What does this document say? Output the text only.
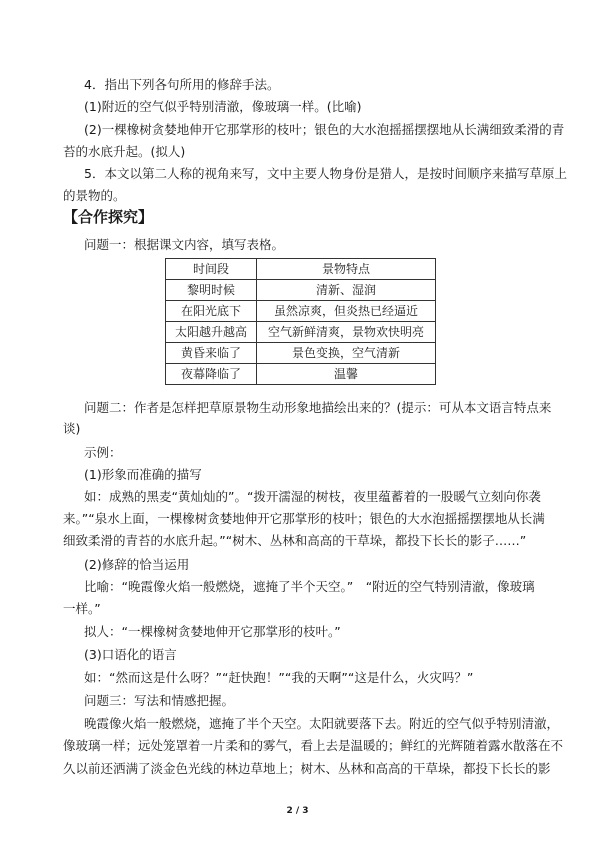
4．指出下列各句所用的修辞手法。
(1)附近的空气似乎特别清澈，像玻璃一样。(比喻)
(2)一棵橡树贪婪地伸开它那掌形的枝叶；银色的大水泡摇摇摆摆地从长满细致柔滑的青
苔的水底升起。(拟人)
5．本文以第二人称的视角来写，文中主要人物身份是猎人，是按时间顺序来描写草原上
的景物的。
【合作探究】
问题一：根据课文内容，填写表格。
时间段	景物特点
黎明时候	清新、湿润
在阳光底下	虽然凉爽，但炎热已经逼近
太阳越升越高	空气新鲜清爽，景物欢快明亮
黄昏来临了	景色变换，空气清新
夜幕降临了	温馨
问题二：作者是怎样把草原景物生动形象地描绘出来的？(提示：可从本文语言特点来
谈)
示例：
(1)形象而准确的描写
如：成熟的黑麦“黄灿灿的”。“拨开濡湿的树枝，夜里蕴蓄着的一股暖气立刻向你袭
来。”“泉水上面，一棵橡树贪婪地伸开它那掌形的枝叶；银色的大水泡摇摇摆摆地从长满
细致柔滑的青苔的水底升起。”“树木、丛林和高高的干草垛，都投下长长的影子……”
(2)修辞的恰当运用
比喻：“晚霞像火焰一般燃烧，遮掩了半个天空。”　“附近的空气特别清澈，像玻璃
一样。”
拟人：“一棵橡树贪婪地伸开它那掌形的枝叶。”
(3)口语化的语言
如：“然而这是什么呀？”“赶快跑！”“我的天啊”“这是什么，火灾吗？”
问题三：写法和情感把握。
晚霞像火焰一般燃烧，遮掩了半个天空。太阳就要落下去。附近的空气似乎特别清澈，
像玻璃一样；远处笼罩着一片柔和的雾气，看上去是温暖的；鲜红的光辉随着露水散落在不
久以前还洒满了淡金色光线的林边草地上；树木、丛林和高高的干草垛，都投下长长的影
2 / 3
